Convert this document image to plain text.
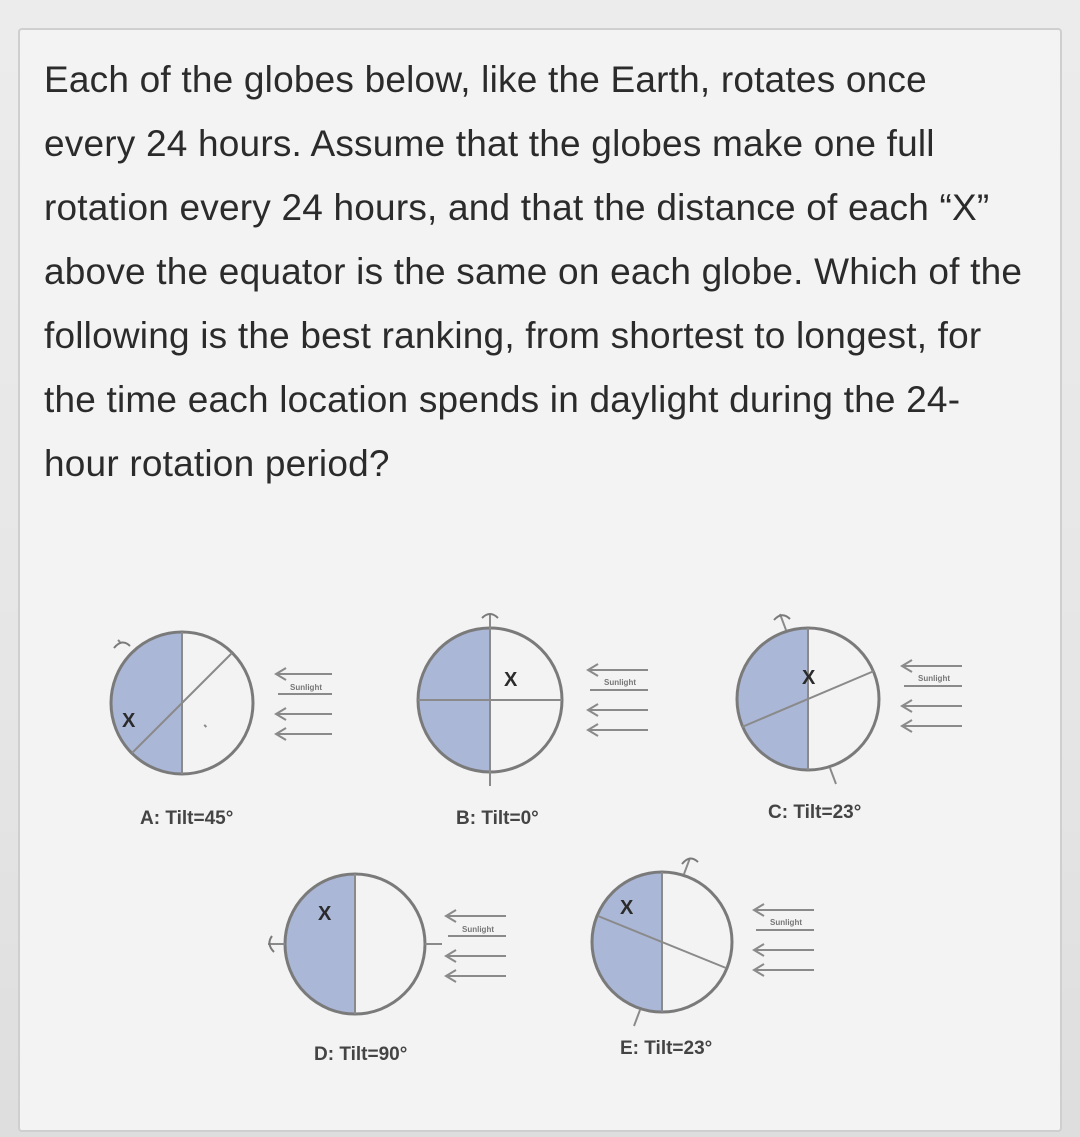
Each of the globes below, like the Earth, rotates once every 24 hours. Assume that the globes make one full rotation every 24 hours, and that the distance of each “X” above the equator is the same on each globe. Which of the following is the best ranking, from shortest to longest, for the time each location spends in daylight during the 24-hour rotation period?
X
Sunlight
A: Tilt=45°
X	Sunlight
B: Tilt=0°
X	Sunlight
C: Tilt=23°
X
Sunlight
D: Tilt=90°
X
Sunlight
E: Tilt=23°
